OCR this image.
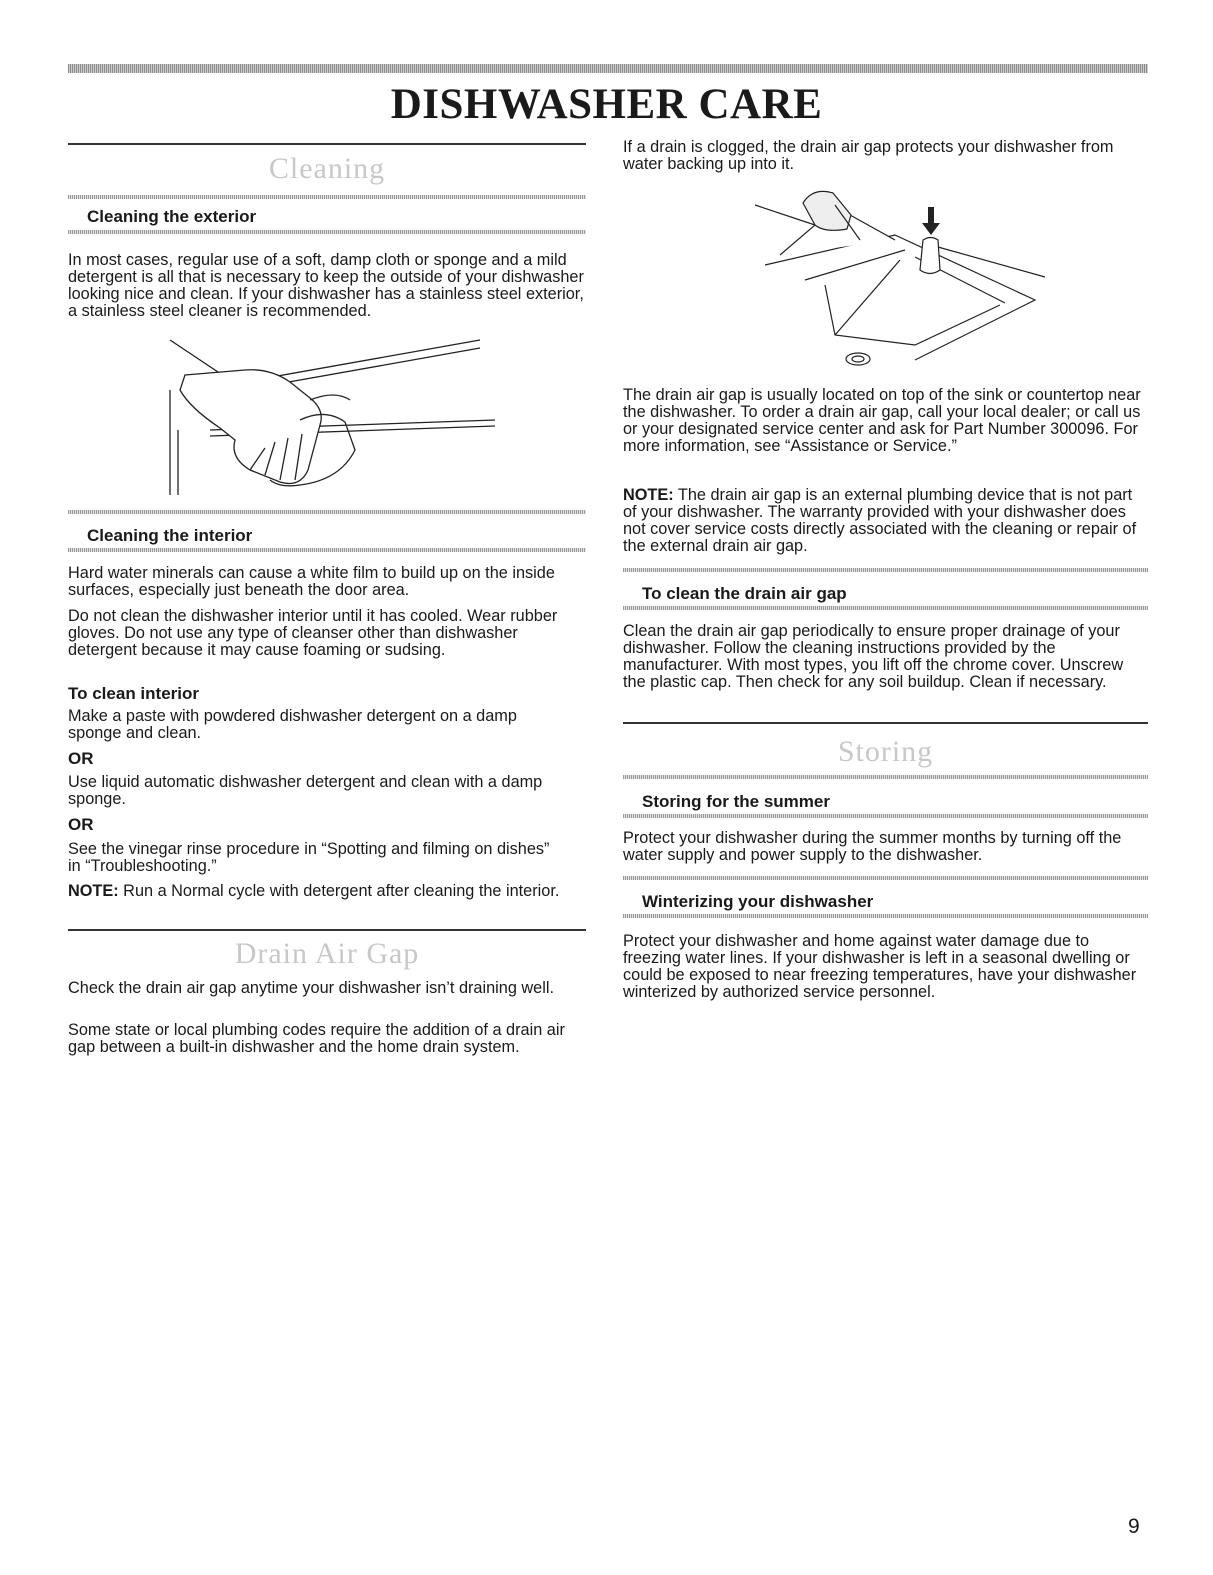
DISHWASHER CARE
Cleaning
Cleaning the exterior

In most cases, regular use of a soft, damp cloth or sponge and a mild detergent is all that is necessary to keep the outside of your dishwasher looking nice and clean. If your dishwasher has a stainless steel exterior, a stainless steel cleaner is recommended.

Cleaning the interior

Hard water minerals can cause a white film to build up on the inside surfaces, especially just beneath the door area.

Do not clean the dishwasher interior until it has cooled. Wear rubber gloves. Do not use any type of cleanser other than dishwasher detergent because it may cause foaming or sudsing.

To clean interior

Make a paste with powdered dishwasher detergent on a damp sponge and clean.

OR

Use liquid automatic dishwasher detergent and clean with a damp sponge.

OR

See the vinegar rinse procedure in “Spotting and filming on dishes” in “Troubleshooting.”

NOTE: Run a Normal cycle with detergent after cleaning the interior.

Drain Air Gap

Check the drain air gap anytime your dishwasher isn’t draining well.

Some state or local plumbing codes require the addition of a drain air gap between a built-in dishwasher and the home drain system.

If a drain is clogged, the drain air gap protects your dishwasher from water backing up into it.

The drain air gap is usually located on top of the sink or countertop near the dishwasher. To order a drain air gap, call your local dealer; or call us or your designated service center and ask for Part Number 300096. For more information, see “Assistance or Service.”

NOTE: The drain air gap is an external plumbing device that is not part of your dishwasher. The warranty provided with your dishwasher does not cover service costs directly associated with the cleaning or repair of the external drain air gap.

To clean the drain air gap

Clean the drain air gap periodically to ensure proper drainage of your dishwasher. Follow the cleaning instructions provided by the manufacturer. With most types, you lift off the chrome cover. Unscrew the plastic cap. Then check for any soil buildup. Clean if necessary.

Storing
Storing for the summer

Protect your dishwasher during the summer months by turning off the water supply and power supply to the dishwasher.

Winterizing your dishwasher

Protect your dishwasher and home against water damage due to freezing water lines. If your dishwasher is left in a seasonal dwelling or could be exposed to near freezing temperatures, have your dishwasher winterized by authorized service personnel.

9
